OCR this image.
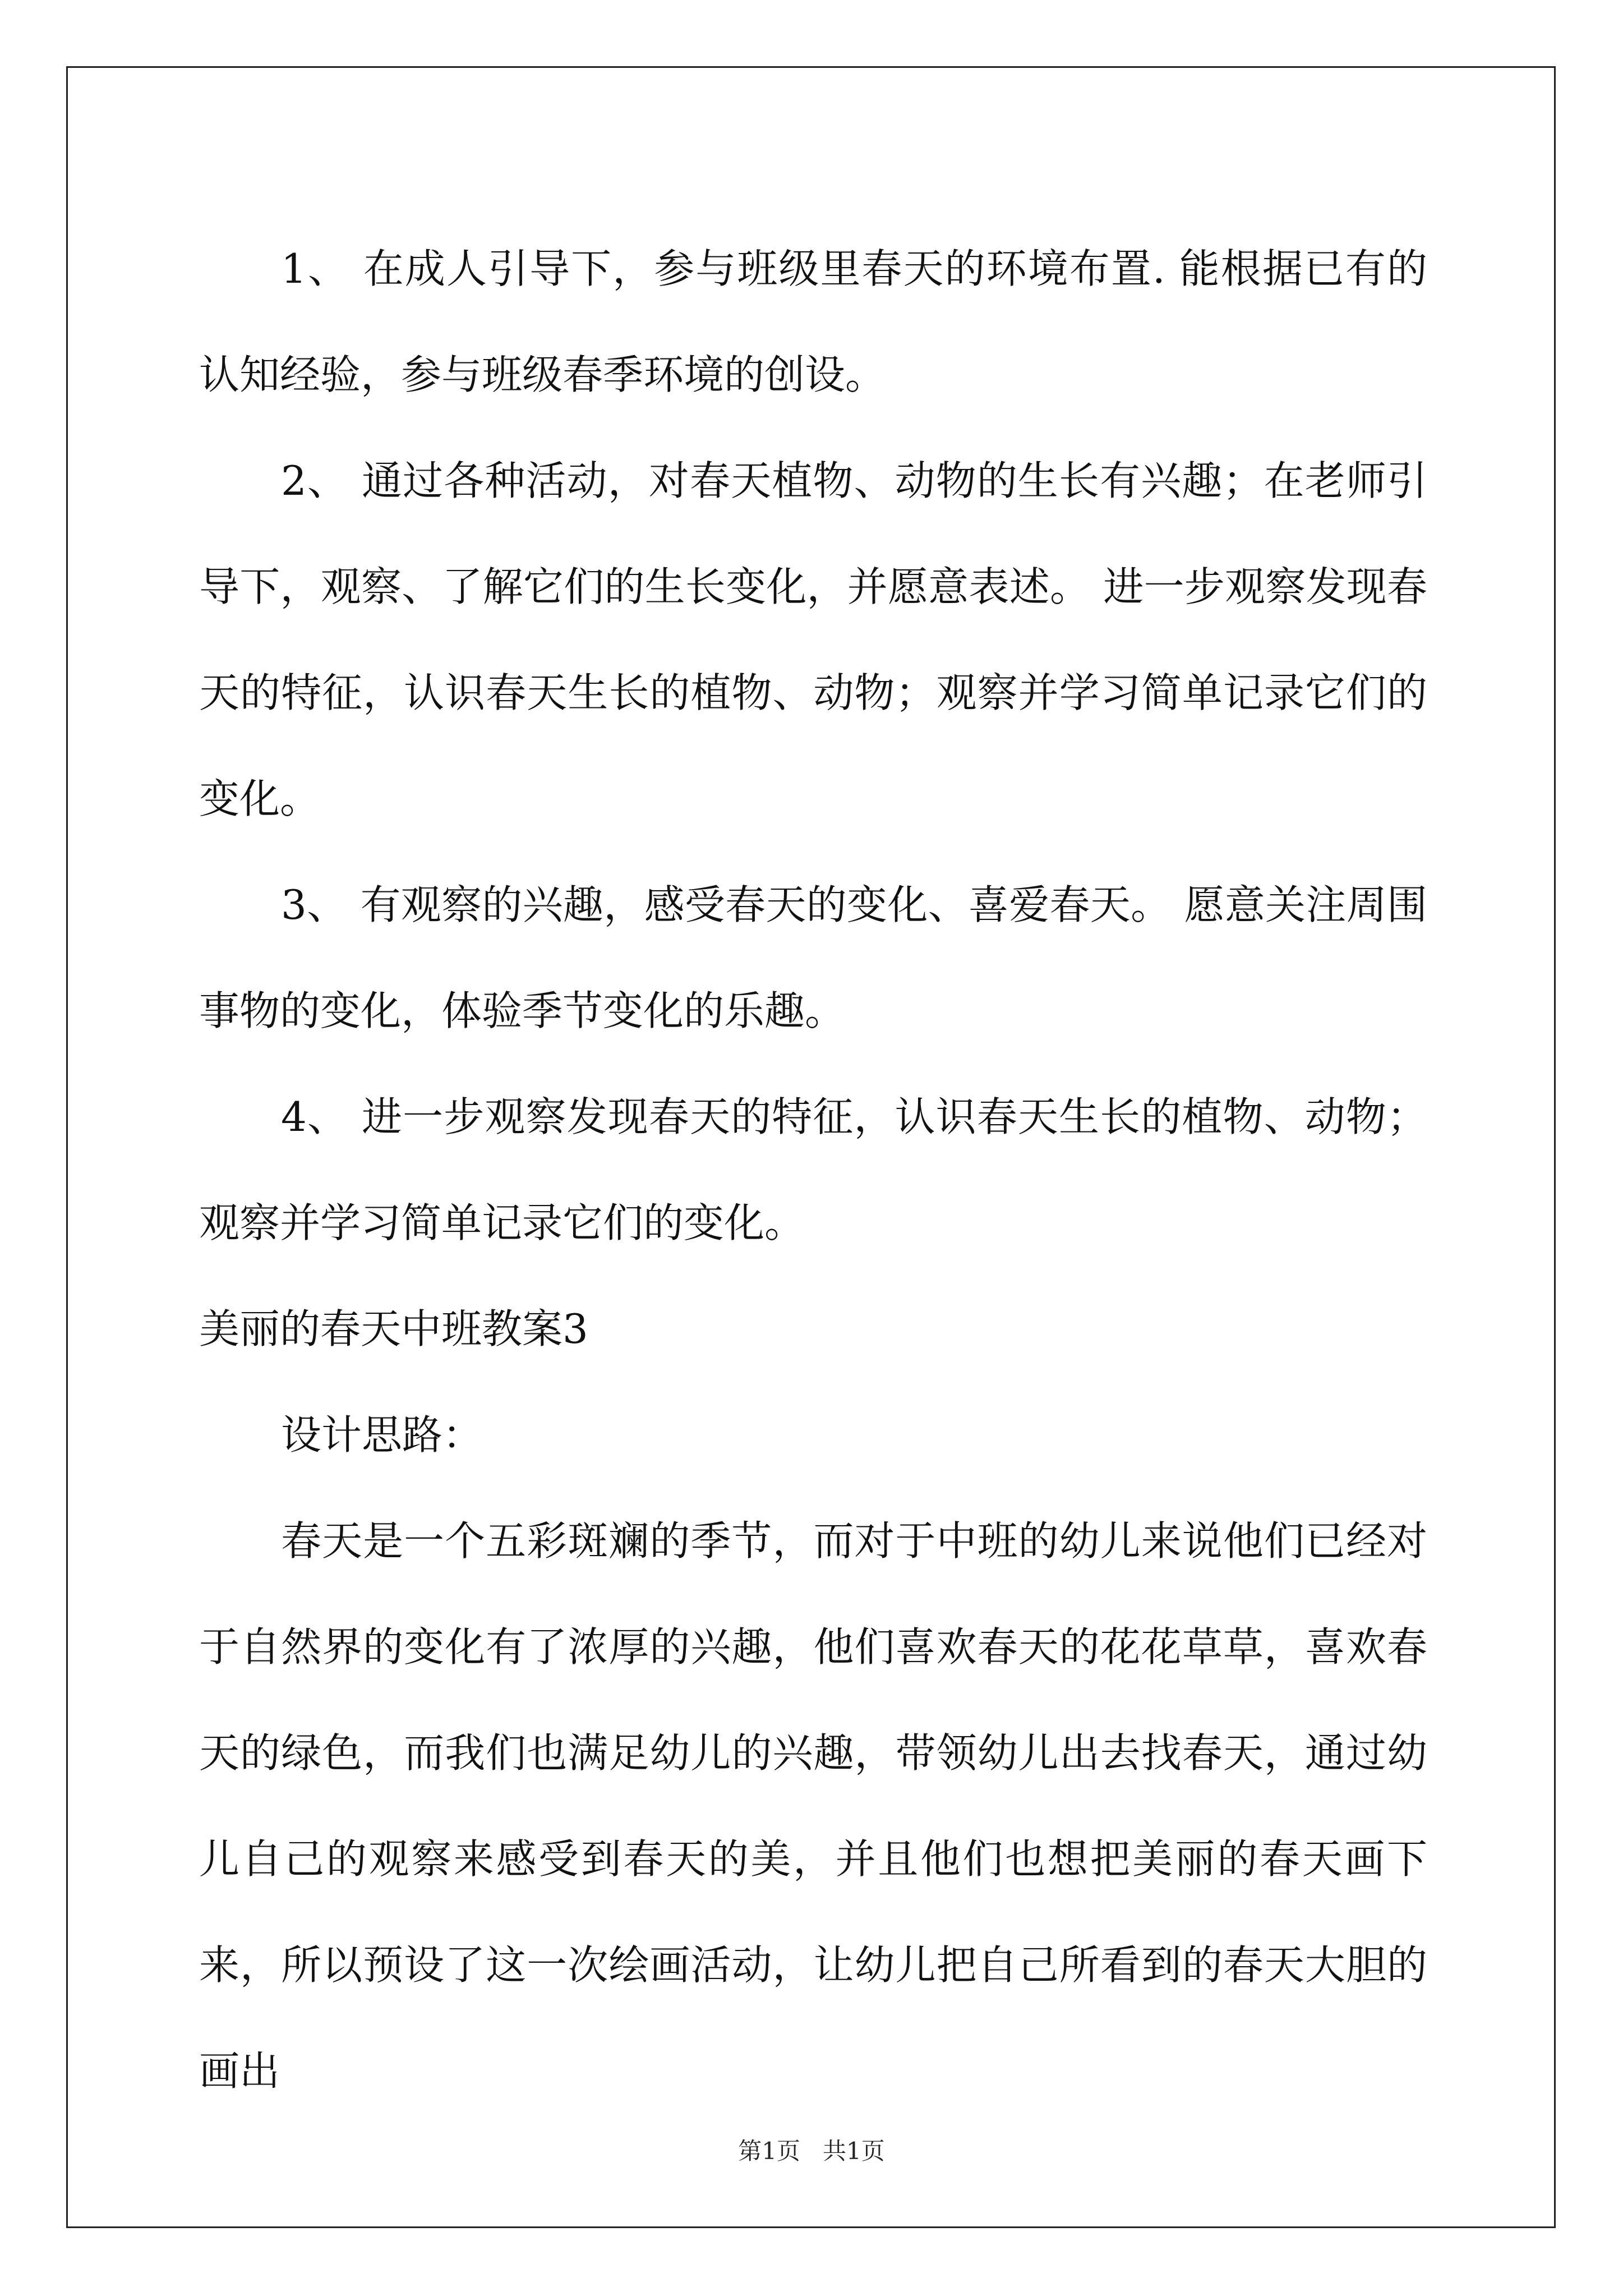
1、 在成人引导下，参与班级里春天的环境布置. 能根据已有的认知经验，参与班级春季环境的创设。

2、 通过各种活动，对春天植物、动物的生长有兴趣；在老师引导下，观察、了解它们的生长变化，并愿意表述。 进一步观察发现春天的特征，认识春天生长的植物、动物；观察并学习简单记录它们的变化。

3、 有观察的兴趣，感受春天的变化、喜爱春天。 愿意关注周围事物的变化，体验季节变化的乐趣。

4、 进一步观察发现春天的特征，认识春天生长的植物、动物；观察并学习简单记录它们的变化。

美丽的春天中班教案3

设计思路：

春天是一个五彩斑斓的季节，而对于中班的幼儿来说他们已经对于自然界的变化有了浓厚的兴趣，他们喜欢春天的花花草草，喜欢春天的绿色，而我们也满足幼儿的兴趣，带领幼儿出去找春天，通过幼儿自己的观察来感受到春天的美，并且他们也想把美丽的春天画下来，所以预设了这一次绘画活动，让幼儿把自己所看到的春天大胆的画出

第1页   共1页
